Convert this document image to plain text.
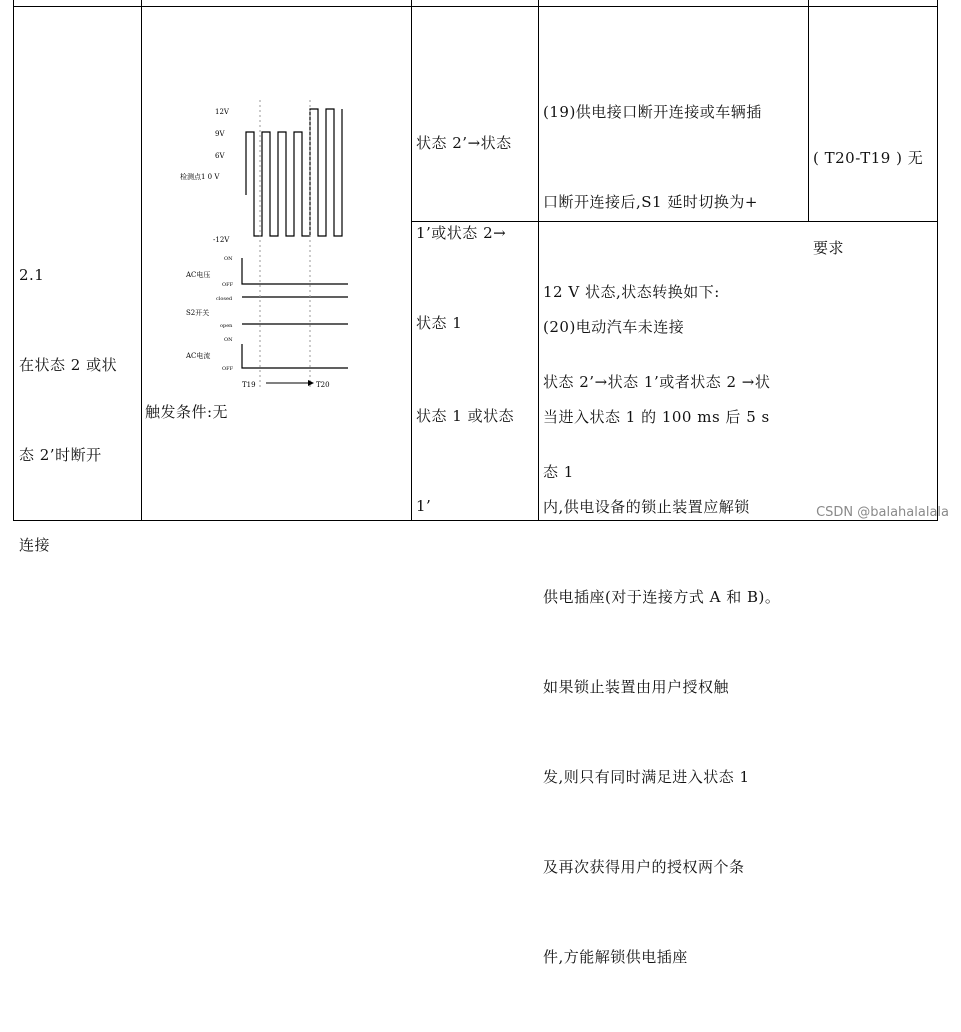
2.1

在状态 2 或状

态 2’时断开

连接

12V
9V
6V
检测点1 0 V
-12V
AC电压
S2开关
AC电流
ON
OFF
closed
open
ON
OFF
T19	T20
触发条件:无

状态 2’→状态

1’或状态 2→

状态 1

(19)供电接口断开连接或车辆插

口断开连接后,S1 延时切换为+

12 V 状态,状态转换如下:

状态 2’→状态 1’或者状态 2 →状

态 1

( T20-T19 ) 无

要求

状态 1 或状态

1’

(20)电动汽车未连接

当进入状态 1 的 100 ms 后 5 s

内,供电设备的锁止装置应解锁

供电插座(对于连接方式 A 和 B)。

如果锁止装置由用户授权触

发,则只有同时满足进入状态 1

及再次获得用户的授权两个条

件,方能解锁供电插座

CSDN @balahalalala
